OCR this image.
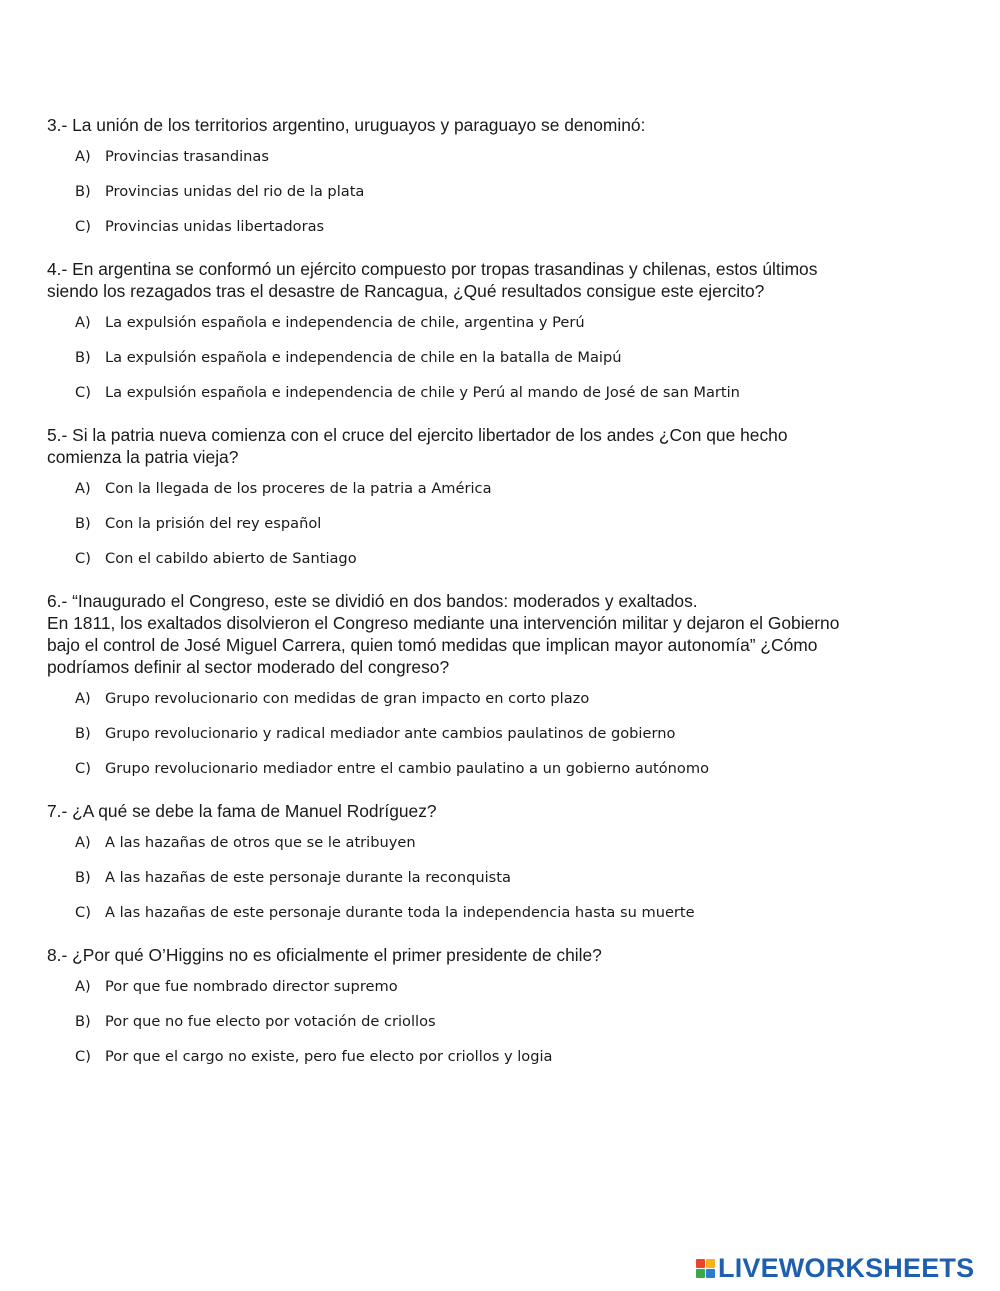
3.- La unión de los territorios argentino, uruguayos y paraguayo se denominó:

A) Provincias trasandinas
B) Provincias unidas del rio de la plata
C) Provincias unidas libertadoras

4.- En argentina se conformó un ejército compuesto por tropas trasandinas y chilenas, estos últimos
siendo los rezagados tras el desastre de Rancagua, ¿Qué resultados consigue este ejercito?

A) La expulsión española e independencia de chile, argentina y Perú
B) La expulsión española e independencia de chile en la batalla de Maipú
C) La expulsión española e independencia de chile y Perú al mando de José de san Martin

5.- Si la patria nueva comienza con el cruce del ejercito libertador de los andes ¿Con que hecho
comienza la patria vieja?

A) Con la llegada de los proceres de la patria a América
B) Con la prisión del rey español
C) Con el cabildo abierto de Santiago

6.- “Inaugurado el Congreso, este se dividió en dos bandos: moderados y exaltados.
En 1811, los exaltados disolvieron el Congreso mediante una intervención militar y dejaron el Gobierno
bajo el control de José Miguel Carrera, quien tomó medidas que implican mayor autonomía” ¿Cómo
podríamos definir al sector moderado del congreso?

A) Grupo revolucionario con medidas de gran impacto en corto plazo
B) Grupo revolucionario y radical mediador ante cambios paulatinos de gobierno
C) Grupo revolucionario mediador entre el cambio paulatino a un gobierno autónomo

7.- ¿A qué se debe la fama de Manuel Rodríguez?

A) A las hazañas de otros que se le atribuyen
B) A las hazañas de este personaje durante la reconquista
C) A las hazañas de este personaje durante toda la independencia hasta su muerte

8.- ¿Por qué O’Higgins no es oficialmente el primer presidente de chile?

A) Por que fue nombrado director supremo
B) Por que no fue electo por votación de criollos
C) Por que el cargo no existe, pero fue electo por criollos y logia
LIVEWORKSHEETS
